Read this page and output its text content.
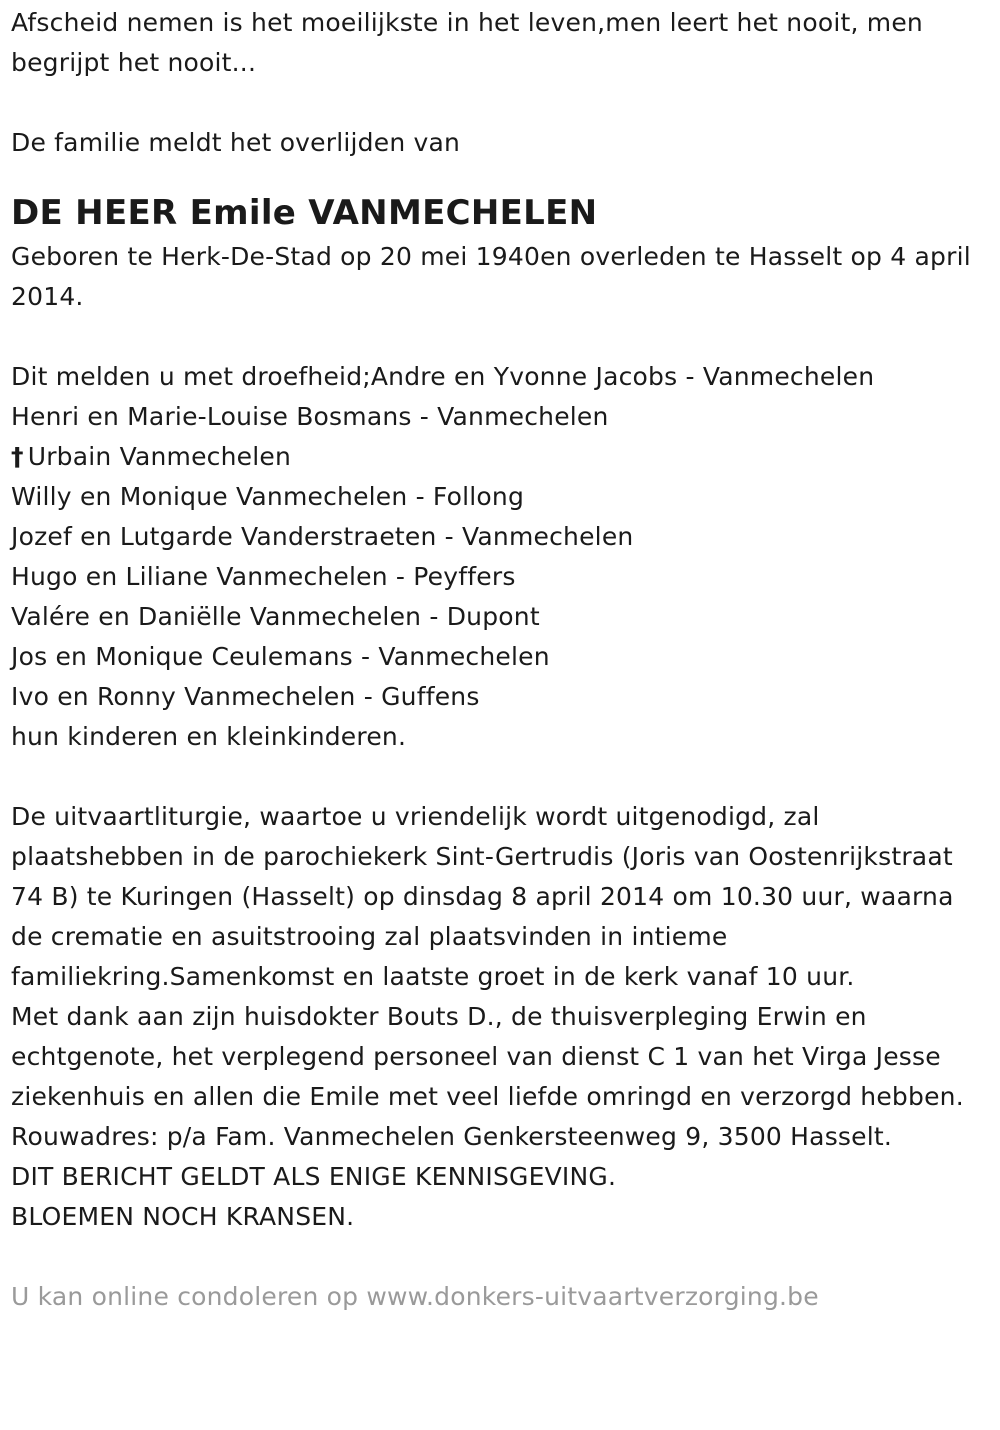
Afscheid nemen is het moeilijkste in het leven,men leert het nooit, men begrijpt het nooit...

De familie meldt het overlijden van

DE HEER Emile VANMECHELEN

Geboren te Herk-De-Stad op 20 mei 1940en overleden te Hasselt op 4 april 2014.

Dit melden u met droefheid;Andre en Yvonne Jacobs - Vanmechelen
Henri en Marie-Louise Bosmans - Vanmechelen
† Urbain Vanmechelen
Willy en Monique Vanmechelen - Follong
Jozef en Lutgarde Vanderstraeten - Vanmechelen
Hugo en Liliane Vanmechelen - Peyffers
Valére en Daniëlle Vanmechelen - Dupont
Jos en Monique Ceulemans - Vanmechelen
Ivo en Ronny Vanmechelen - Guffens
hun kinderen en kleinkinderen.

De uitvaartliturgie, waartoe u vriendelijk wordt uitgenodigd, zal plaatshebben in de parochiekerk Sint-Gertrudis (Joris van Oostenrijkstraat 74 B) te Kuringen (Hasselt) op dinsdag 8 april 2014 om 10.30 uur, waarna de crematie en asuitstrooing zal plaatsvinden in intieme familiekring.Samenkomst en laatste groet in de kerk vanaf 10 uur.

Met dank aan zijn huisdokter Bouts D., de thuisverpleging Erwin en echtgenote, het verplegend personeel van dienst C 1 van het Virga Jesse ziekenhuis en allen die Emile met veel liefde omringd en verzorgd hebben.

Rouwadres: p/a Fam. Vanmechelen Genkersteenweg 9, 3500 Hasselt.

DIT BERICHT GELDT ALS ENIGE KENNISGEVING.

BLOEMEN NOCH KRANSEN.

U kan online condoleren op www.donkers-uitvaartverzorging.be
